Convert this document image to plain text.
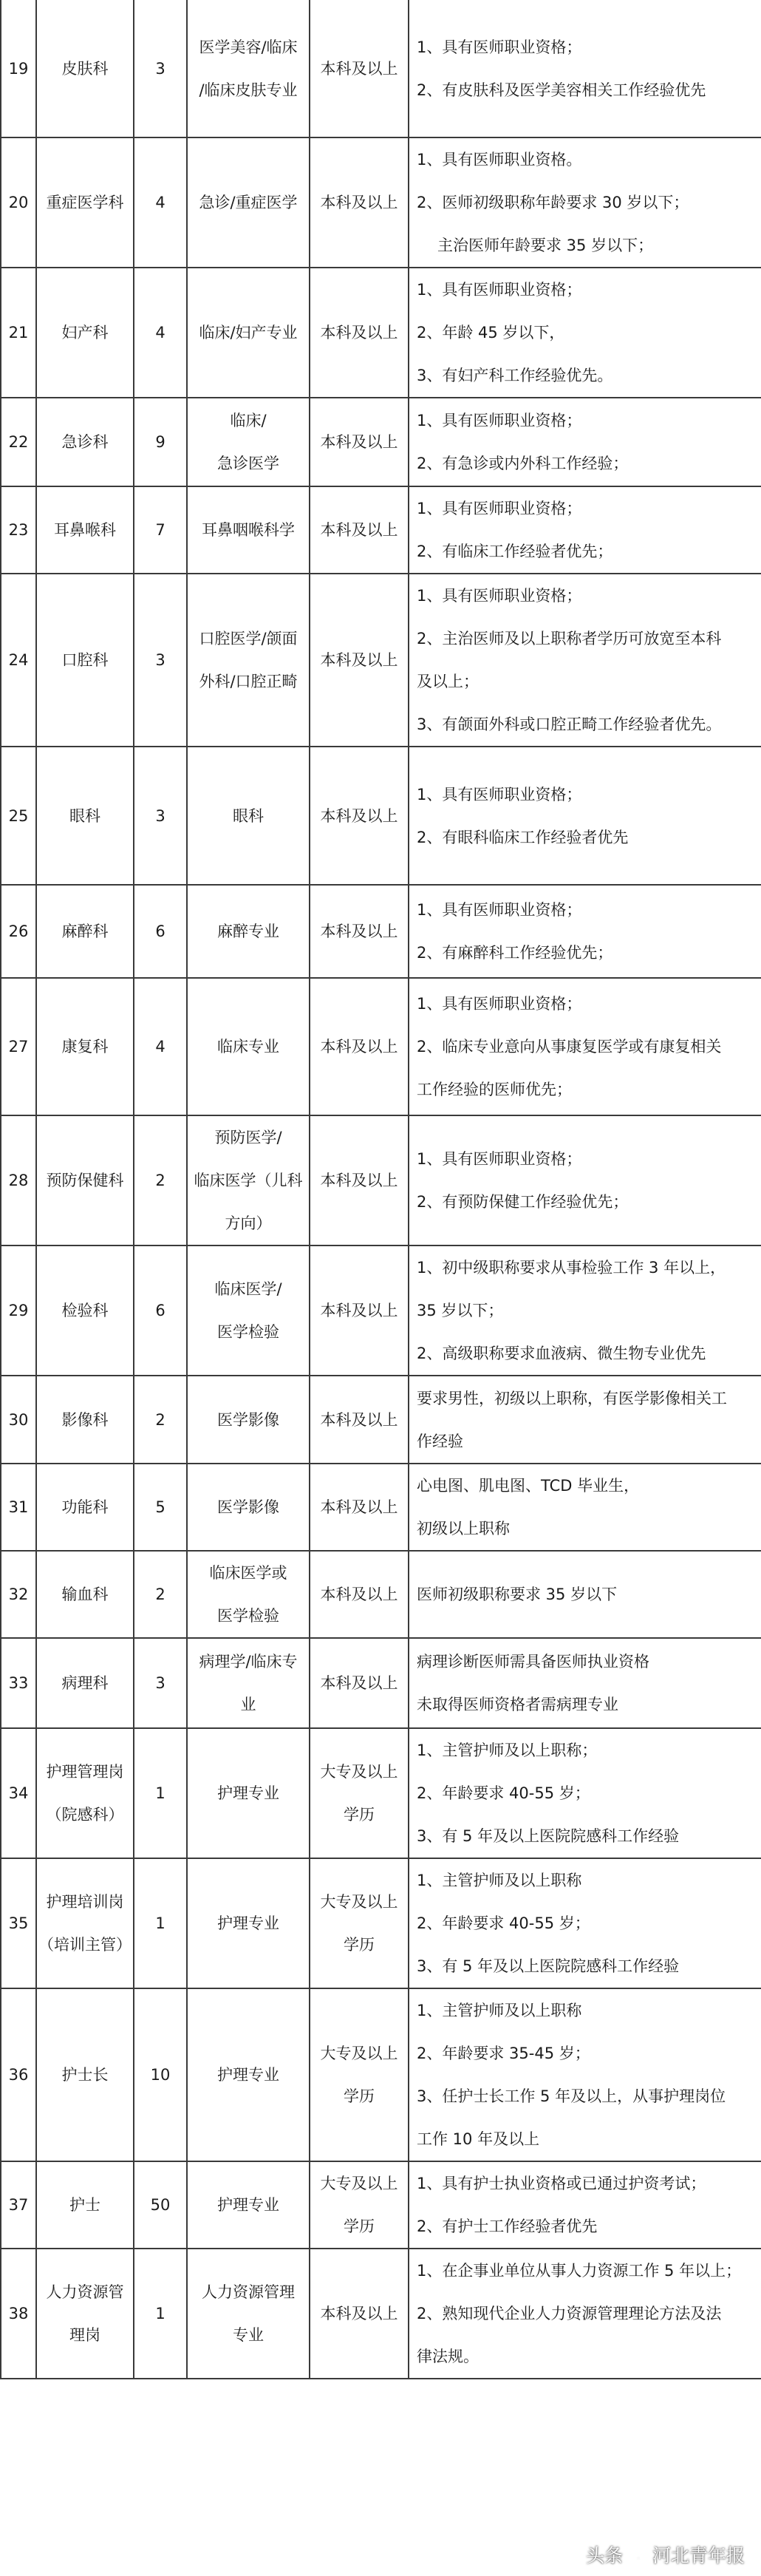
19	皮肤科	3	医学美容/临床
/临床皮肤专业	本科及以上	1、具有医师职业资格；
2、有皮肤科及医学美容相关工作经验优先

20	重症医学科	4	急诊/重症医学	本科及以上	1、具有医师职业资格。
2、医师初级职称年龄要求 30 岁以下；
主治医师年龄要求 35 岁以下；

21	妇产科	4	临床/妇产专业	本科及以上	1、具有医师职业资格；
2、年龄 45 岁以下，
3、有妇产科工作经验优先。

22	急诊科	9	临床/
急诊医学	本科及以上	1、具有医师职业资格；
2、有急诊或内外科工作经验；

23	耳鼻喉科	7	耳鼻咽喉科学	本科及以上	1、具有医师职业资格；
2、有临床工作经验者优先；

24	口腔科	3	口腔医学/颌面
外科/口腔正畸	本科及以上	1、具有医师职业资格；
2、主治医师及以上职称者学历可放宽至本科
及以上；
3、有颌面外科或口腔正畸工作经验者优先。

25	眼科	3	眼科	本科及以上	1、具有医师职业资格；
2、有眼科临床工作经验者优先

26	麻醉科	6	麻醉专业	本科及以上	1、具有医师职业资格；
2、有麻醉科工作经验优先；

27	康复科	4	临床专业	本科及以上	1、具有医师职业资格；
2、临床专业意向从事康复医学或有康复相关
工作经验的医师优先；

28	预防保健科	2	预防医学/
临床医学（儿科
方向）	本科及以上	1、具有医师职业资格；
2、有预防保健工作经验优先；

29	检验科	6	临床医学/
医学检验	本科及以上	1、初中级职称要求从事检验工作 3 年以上，
35 岁以下；
2、高级职称要求血液病、微生物专业优先

30	影像科	2	医学影像	本科及以上	要求男性，初级以上职称，有医学影像相关工
作经验

31	功能科	5	医学影像	本科及以上	心电图、肌电图、TCD 毕业生，
初级以上职称

32	输血科	2	临床医学或
医学检验	本科及以上	医师初级职称要求 35 岁以下

33	病理科	3	病理学/临床专
业	本科及以上	病理诊断医师需具备医师执业资格
未取得医师资格者需病理专业

34	护理管理岗
（院感科）	1	护理专业	大专及以上
学历	1、主管护师及以上职称；
2、年龄要求 40-55 岁；
3、有 5 年及以上医院院感科工作经验

35	护理培训岗
（培训主管）	1	护理专业	大专及以上
学历	1、主管护师及以上职称
2、年龄要求 40-55 岁；
3、有 5 年及以上医院院感科工作经验

36	护士长	10	护理专业	大专及以上
学历	1、主管护师及以上职称
2、年龄要求 35-45 岁；
3、任护士长工作 5 年及以上，从事护理岗位
工作 10 年及以上

37	护士	50	护理专业	大专及以上
学历	1、具有护士执业资格或已通过护资考试；
2、有护士工作经验者优先

38	人力资源管
理岗	1	人力资源管理
专业	本科及以上	1、在企事业单位从事人力资源工作 5 年以上；
2、熟知现代企业人力资源管理理论方法及法
律法规。
头条	@ 河北青年报
